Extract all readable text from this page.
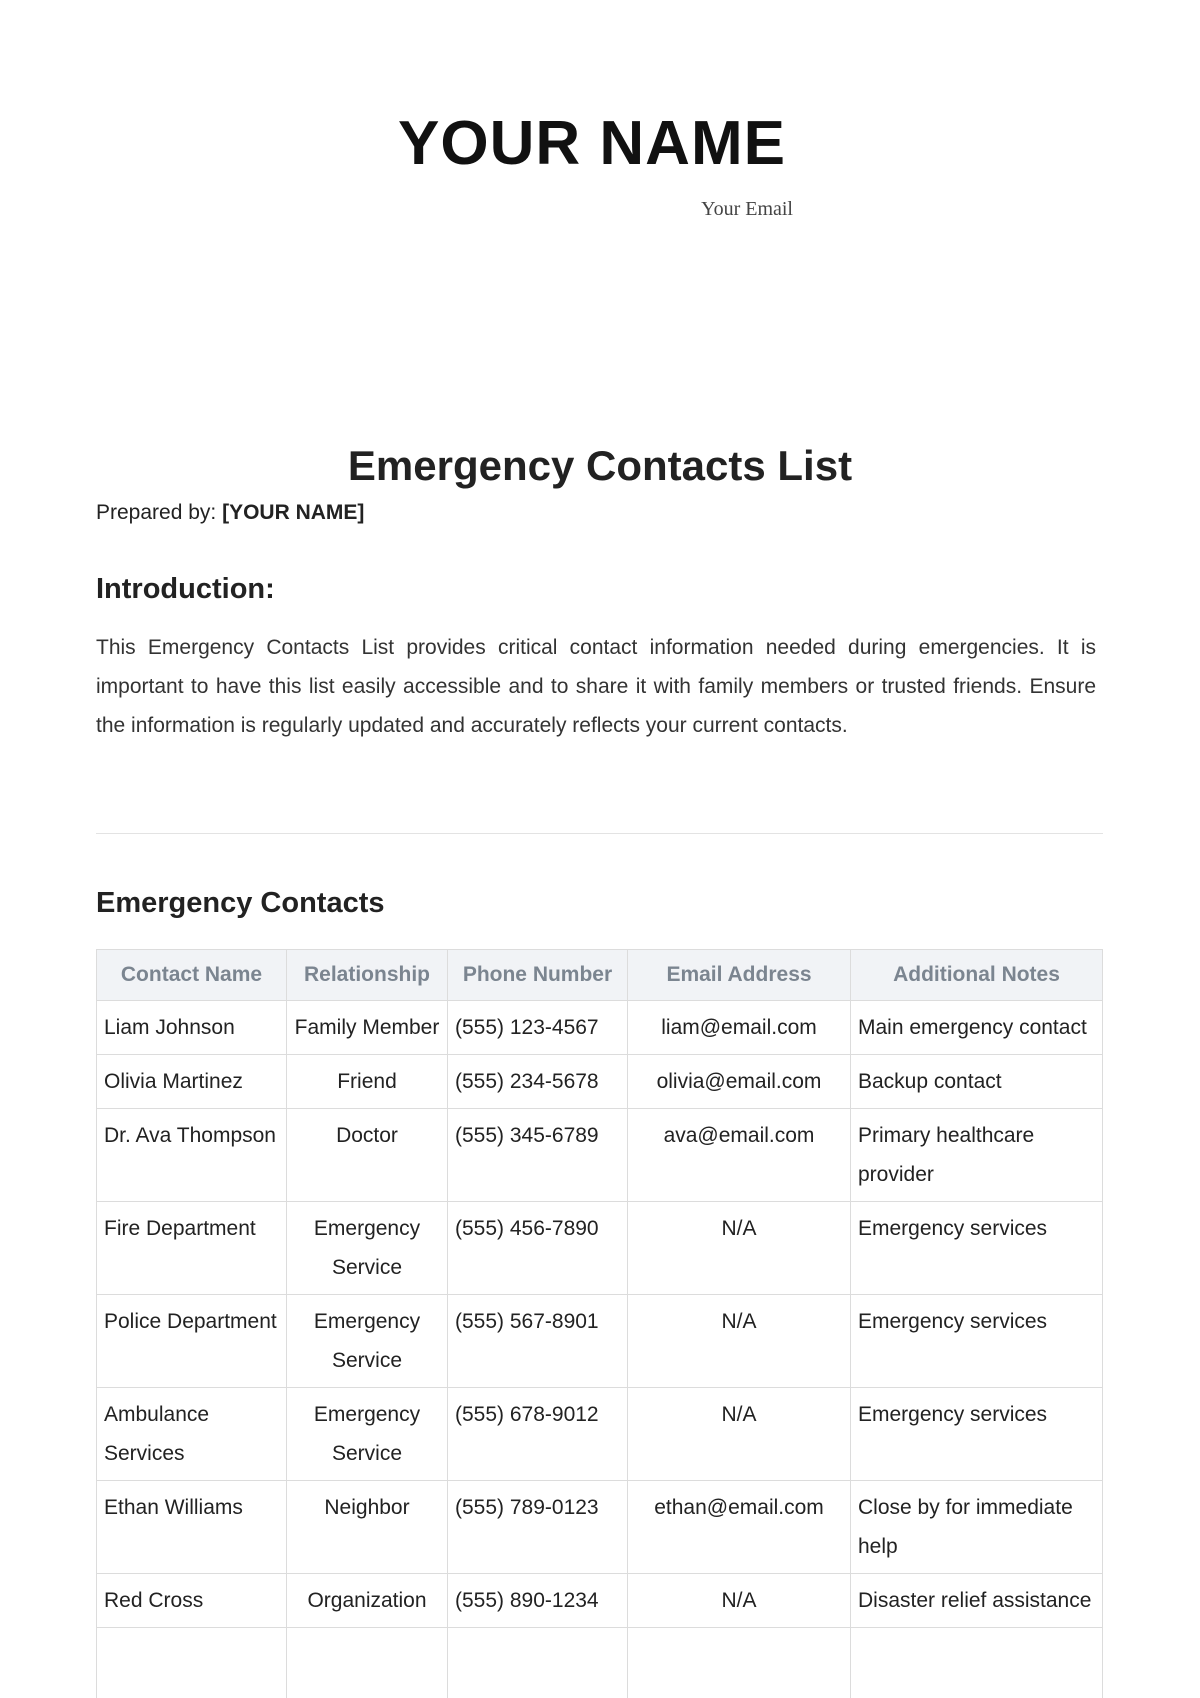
YOUR NAME
Your Email
Emergency Contacts List
Prepared by: [YOUR NAME]
Introduction:

This Emergency Contacts List provides critical contact information needed during emergencies. It is important to have this list easily accessible and to share it with family members or trusted friends. Ensure the information is regularly updated and accurately reflects your current contacts.

Emergency Contacts
Contact Name	Relationship	Phone Number	Email Address	Additional Notes
Liam Johnson	Family Member	(555) 123-4567	liam@email.com	Main emergency contact
Olivia Martinez	Friend	(555) 234-5678	olivia@email.com	Backup contact
Dr. Ava Thompson	Doctor	(555) 345-6789	ava@email.com	Primary healthcare provider
Fire Department	Emergency Service	(555) 456-7890	N/A	Emergency services
Police Department	Emergency Service	(555) 567-8901	N/A	Emergency services
Ambulance Services	Emergency Service	(555) 678-9012	N/A	Emergency services
Ethan Williams	Neighbor	(555) 789-0123	ethan@email.com	Close by for immediate help
Red Cross	Organization	(555) 890-1234	N/A	Disaster relief assistance
